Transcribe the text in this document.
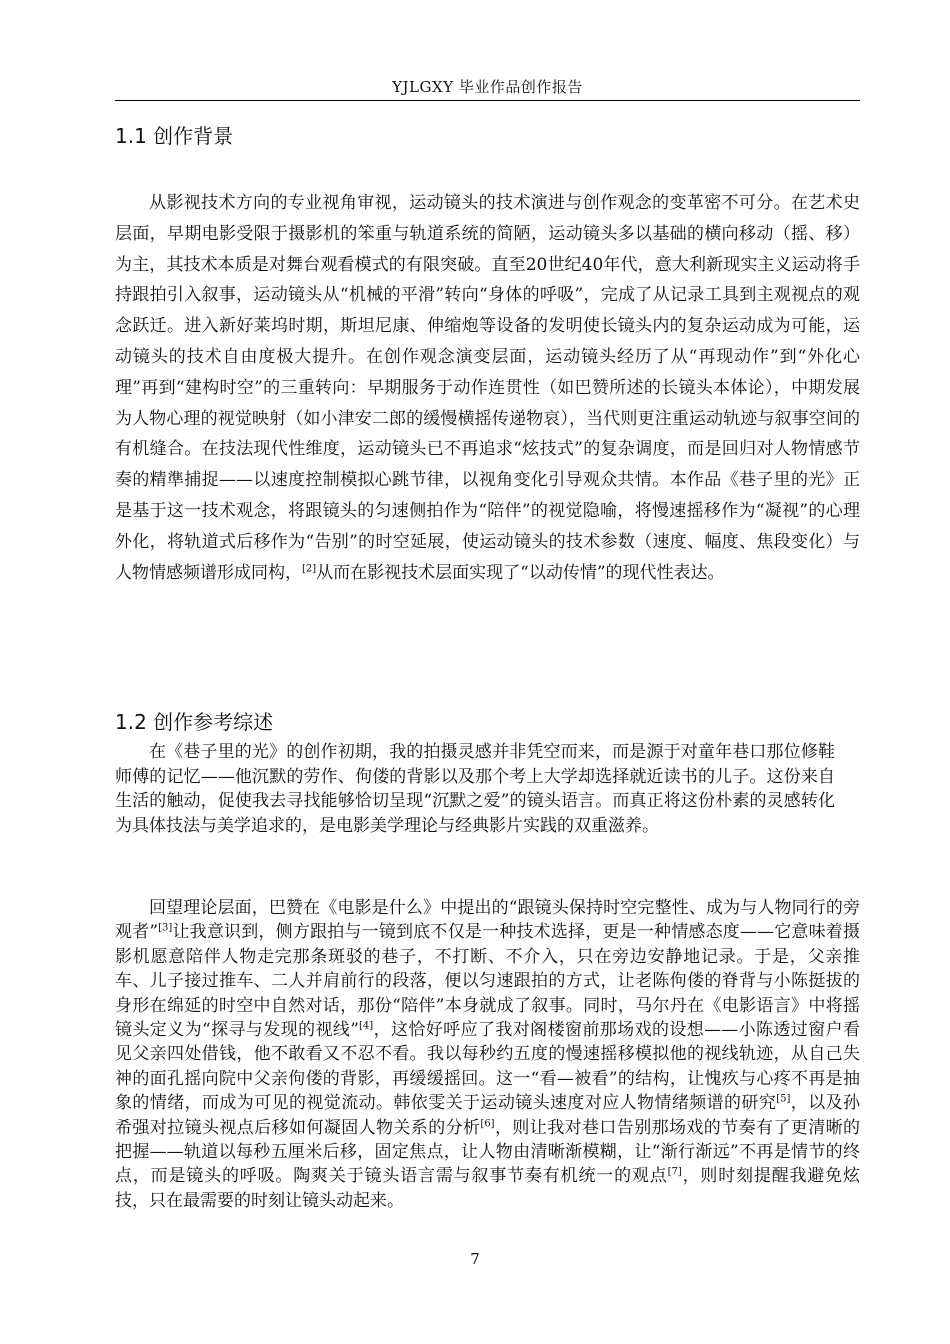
YJLGXY 毕业作品创作报告
1.1 创作背景

从影视技术方向的专业视角审视，运动镜头的技术演进与创作观念的变革密不可分。在艺术史层面，早期电影受限于摄影机的笨重与轨道系统的简陋，运动镜头多以基础的横向移动（摇、移）为主，其技术本质是对舞台观看模式的有限突破。直至20世纪40年代，意大利新现实主义运动将手持跟拍引入叙事，运动镜头从“机械的平滑”转向“身体的呼吸”，完成了从记录工具到主观视点的观念跃迁。进入新好莱坞时期，斯坦尼康、伸缩炮等设备的发明使长镜头内的复杂运动成为可能，运动镜头的技术自由度极大提升。在创作观念演变层面，运动镜头经历了从“再现动作”到“外化心理”再到“建构时空”的三重转向：早期服务于动作连贯性（如巴赞所述的长镜头本体论），中期发展为人物心理的视觉映射（如小津安二郎的缓慢横摇传递物哀），当代则更注重运动轨迹与叙事空间的有机缝合。在技法现代性维度，运动镜头已不再追求“炫技式”的复杂调度，而是回归对人物情感节奏的精準捕捉——以速度控制模拟心跳节律，以视角变化引导观众共情。本作品《巷子里的光》正是基于这一技术观念，将跟镜头的匀速侧拍作为“陪伴”的视觉隐喻，将慢速摇移作为“凝视”的心理外化，将轨道式后移作为“告别”的时空延展，使运动镜头的技术参数（速度、幅度、焦段变化）与人物情感频谱形成同构，[2]从而在影视技术层面实现了“以动传情”的现代性表达。

1.2 创作参考综述

在《巷子里的光》的创作初期，我的拍摄灵感并非凭空而来，而是源于对童年巷口那位修鞋师傅的记忆——他沉默的劳作、佝偻的背影以及那个考上大学却选择就近读书的儿子。这份来自生活的触动，促使我去寻找能够恰切呈现“沉默之爱”的镜头语言。而真正将这份朴素的灵感转化为具体技法与美学追求的，是电影美学理论与经典影片实践的双重滋养。

回望理论层面，巴赞在《电影是什么》中提出的“跟镜头保持时空完整性、成为与人物同行的旁观者”[3]让我意识到，侧方跟拍与一镜到底不仅是一种技术选择，更是一种情感态度——它意味着摄影机愿意陪伴人物走完那条斑驳的巷子，不打断、不介入，只在旁边安静地记录。于是，父亲推车、儿子接过推车、二人并肩前行的段落，便以匀速跟拍的方式，让老陈佝偻的脊背与小陈挺拔的身形在绵延的时空中自然对话，那份“陪伴”本身就成了叙事。同时，马尔丹在《电影语言》中将摇镜头定义为“探寻与发现的视线”[4]，这恰好呼应了我对阁楼窗前那场戏的设想——小陈透过窗户看见父亲四处借钱，他不敢看又不忍不看。我以每秒约五度的慢速摇移模拟他的视线轨迹，从自己失神的面孔摇向院中父亲佝偻的背影，再缓缓摇回。这一“看—被看”的结构，让愧疚与心疼不再是抽象的情绪，而成为可见的视觉流动。韩依雯关于运动镜头速度对应人物情绪频谱的研究[5]，以及孙希强对拉镜头视点后移如何凝固人物关系的分析[6]，则让我对巷口告别那场戏的节奏有了更清晰的把握——轨道以每秒五厘米后移，固定焦点，让人物由清晰渐模糊，让“渐行渐远”不再是情节的终点，而是镜头的呼吸。陶爽关于镜头语言需与叙事节奏有机统一的观点[7]，则时刻提醒我避免炫技，只在最需要的时刻让镜头动起来。

7
